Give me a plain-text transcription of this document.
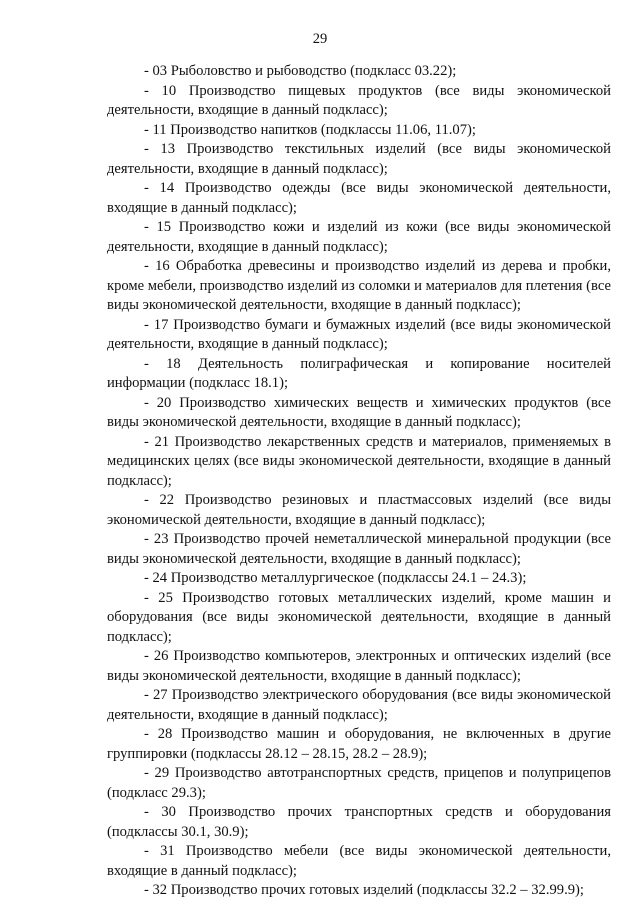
29

- 03 Рыболовство и рыбоводство (подкласс 03.22);

- 10 Производство пищевых продуктов (все виды экономической деятельности, входящие в данный подкласс);

- 11 Производство напитков (подклассы 11.06, 11.07);

- 13 Производство текстильных изделий (все виды экономической деятельности, входящие в данный подкласс);

- 14 Производство одежды (все виды экономической деятельности, входящие в данный подкласс);

- 15 Производство кожи и изделий из кожи (все виды экономической деятельности, входящие в данный подкласс);

- 16 Обработка древесины и производство изделий из дерева и пробки, кроме мебели, производство изделий из соломки и материалов для плетения (все виды экономической деятельности, входящие в данный подкласс);

- 17 Производство бумаги и бумажных изделий (все виды экономической деятельности, входящие в данный подкласс);

- 18 Деятельность полиграфическая и копирование носителей информации (подкласс 18.1);

- 20 Производство химических веществ и химических продуктов (все виды экономической деятельности, входящие в данный подкласс);

- 21 Производство лекарственных средств и материалов, применяемых в медицинских целях (все виды экономической деятельности, входящие в данный подкласс);

- 22 Производство резиновых и пластмассовых изделий (все виды экономической деятельности, входящие в данный подкласс);

- 23 Производство прочей неметаллической минеральной продукции (все виды экономической деятельности, входящие в данный подкласс);

- 24 Производство металлургическое (подклассы 24.1 – 24.3);

- 25 Производство готовых металлических изделий, кроме машин и оборудования (все виды экономической деятельности, входящие в данный подкласс);

- 26 Производство компьютеров, электронных и оптических изделий (все виды экономической деятельности, входящие в данный подкласс);

- 27 Производство электрического оборудования (все виды экономической деятельности, входящие в данный подкласс);

- 28 Производство машин и оборудования, не включенных в другие группировки (подклассы 28.12 – 28.15, 28.2 – 28.9);

- 29 Производство автотранспортных средств, прицепов и полуприцепов (подкласс 29.3);

- 30 Производство прочих транспортных средств и оборудования (подклассы 30.1, 30.9);

- 31 Производство мебели (все виды экономической деятельности, входящие в данный подкласс);

- 32 Производство прочих готовых изделий (подклассы 32.2 – 32.99.9);
